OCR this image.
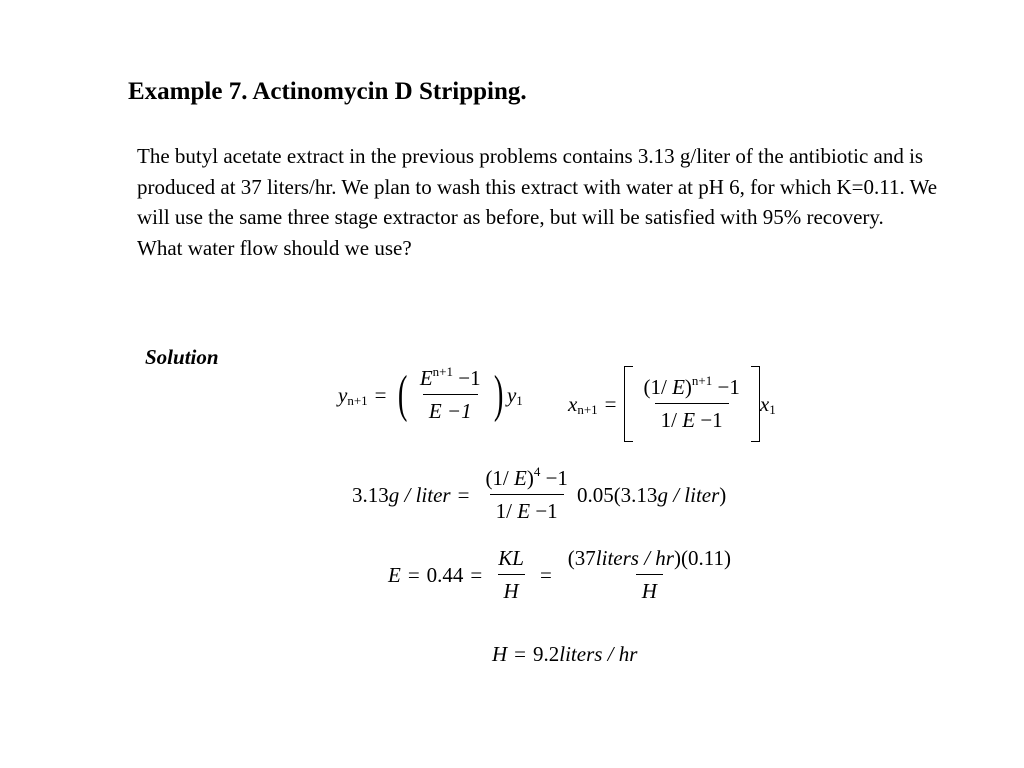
Example 7. Actinomycin D Stripping.

The butyl acetate extract in the previous problems contains 3.13 g/liter of the antibiotic and is produced at 37 liters/hr. We plan to wash this extract with water at pH 6, for which K=0.11. We will use the same three stage extractor as before, but will be satisfied with 95% recovery.

What water flow should we use?

Solution
y n+1 = ( $\frac{E^{n+1} -1}{E -1}$ ) y 1 x $n+1 = \frac{(1/ E)^{n+1} -1}{1/ E -1}$ x 1
3.13 g / liter = $\frac{(1/ E)^4 -1}{1/ E -1} 0.05(3.13$ g / liter )
$E = 0.44 = \frac{KL}{H} = \frac{\text{(37liters / hr)(0.11)}}{H}$
H = 9.2 liters / hr
